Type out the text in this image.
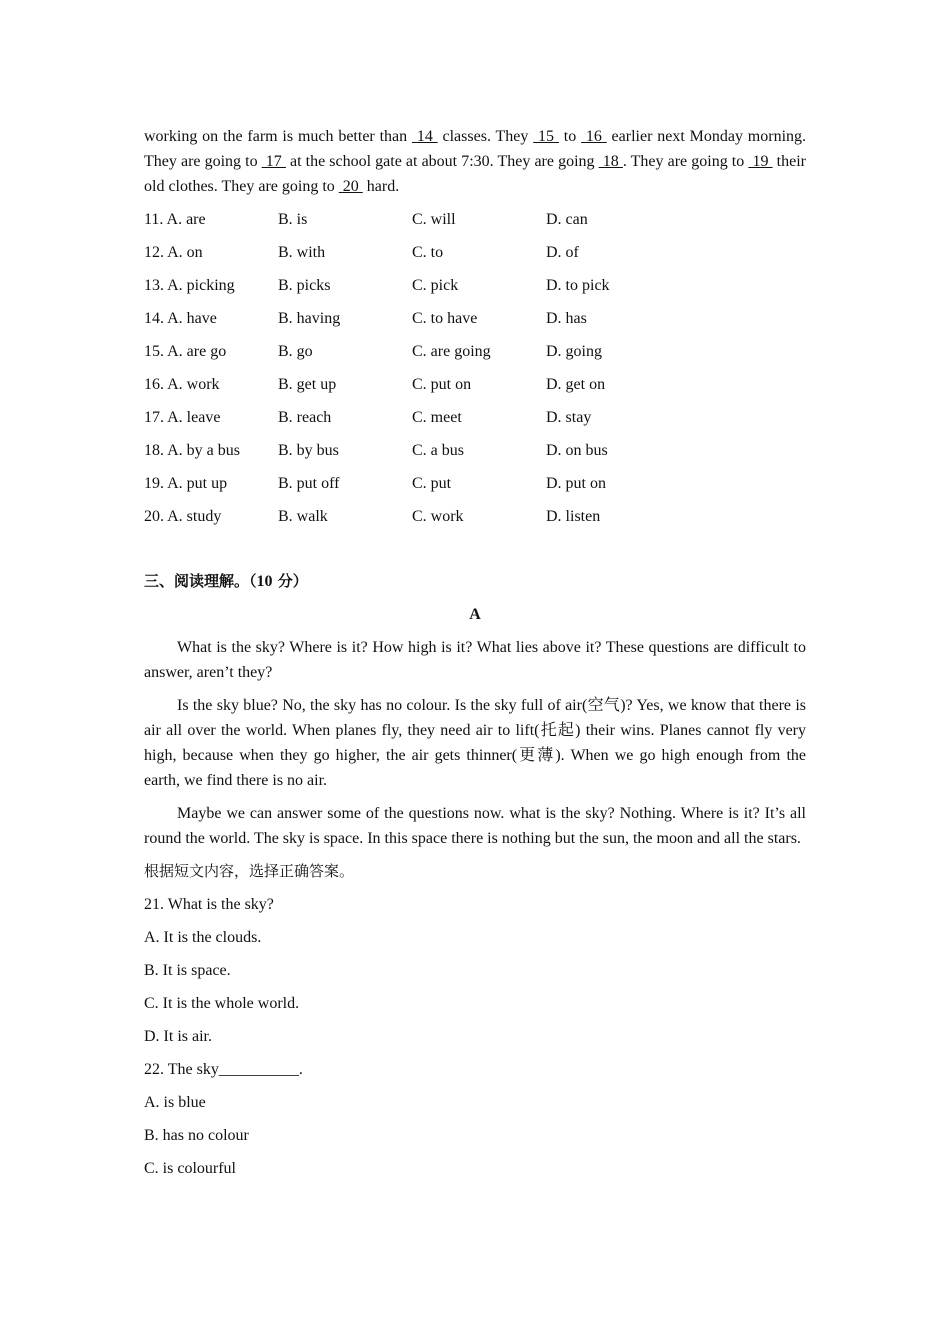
working on the farm is much better than  14  classes. They  15  to  16  earlier next Monday morning. They are going to  17  at the school gate at about 7:30. They are going  18 . They are going to  19  their old clothes. They are going to  20  hard.

11. A. are	B. is	C. will	D. can
12. A. on	B. with	C. to	D. of
13. A. picking	B. picks	C. pick	D. to pick
14. A. have	B. having	C. to have	D. has
15. A. are go	B. go	C. are going	D. going
16. A. work	B. get up	C. put on	D. get on
17. A. leave	B. reach	C. meet	D. stay
18. A. by a bus	B. by bus	C. a bus	D. on bus
19. A. put up	B. put off	C. put	D. put on
20. A. study	B. walk	C. work	D. listen
三、阅读理解。（10 分）
A

What is the sky? Where is it? How high is it? What lies above it? These questions are difficult to answer, aren’t they?

Is the sky blue? No, the sky has no colour. Is the sky full of air(空气)? Yes, we know that there is air all over the world. When planes fly, they need air to lift(托起) their wins. Planes cannot fly very high, because when they go higher, the air gets thinner(更薄). When we go high enough from the earth, we find there is no air.

Maybe we can answer some of the questions now. what is the sky? Nothing. Where is it? It’s all round the world. The sky is space. In this space there is nothing but the sun, the moon and all the stars.

根据短文内容，选择正确答案。
21. What is the sky?
A. It is the clouds.
B. It is space.
C. It is the whole world.
D. It is air.
22. The sky__________.
A. is blue
B. has no colour
C. is colourful
